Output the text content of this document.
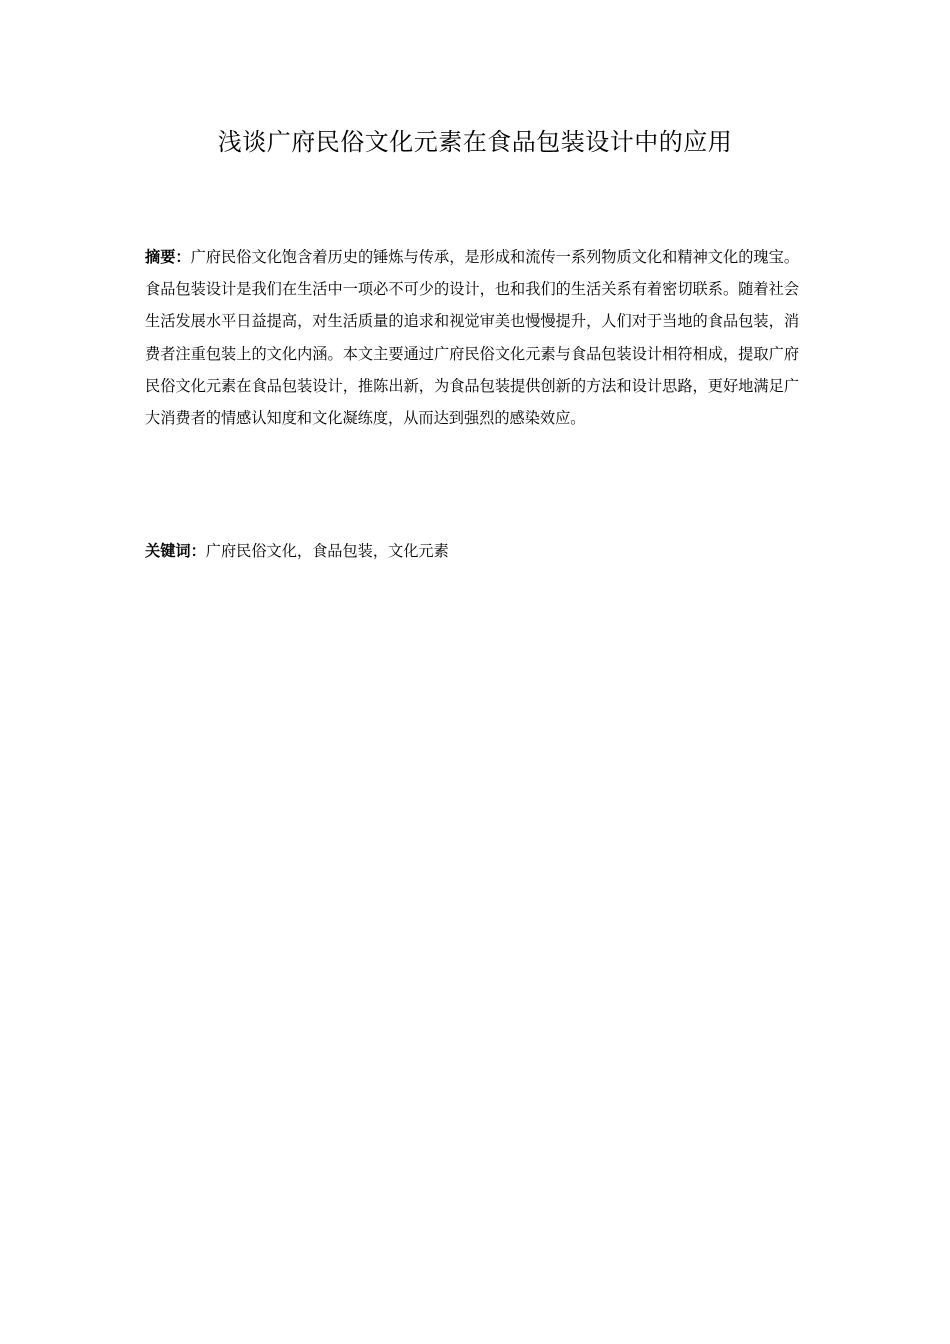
浅谈广府民俗文化元素在食品包装设计中的应用

摘要：广府民俗文化饱含着历史的锤炼与传承，是形成和流传一系列物质文化和精神文化的瑰宝。食品包装设计是我们在生活中一项必不可少的设计，也和我们的生活关系有着密切联系。随着社会生活发展水平日益提高，对生活质量的追求和视觉审美也慢慢提升，人们对于当地的食品包装，消费者注重包装上的文化内涵。本文主要通过广府民俗文化元素与食品包装设计相符相成，提取广府民俗文化元素在食品包装设计，推陈出新，为食品包装提供创新的方法和设计思路，更好地满足广大消费者的情感认知度和文化凝练度，从而达到强烈的感染效应。

关键词：广府民俗文化，食品包装，文化元素
